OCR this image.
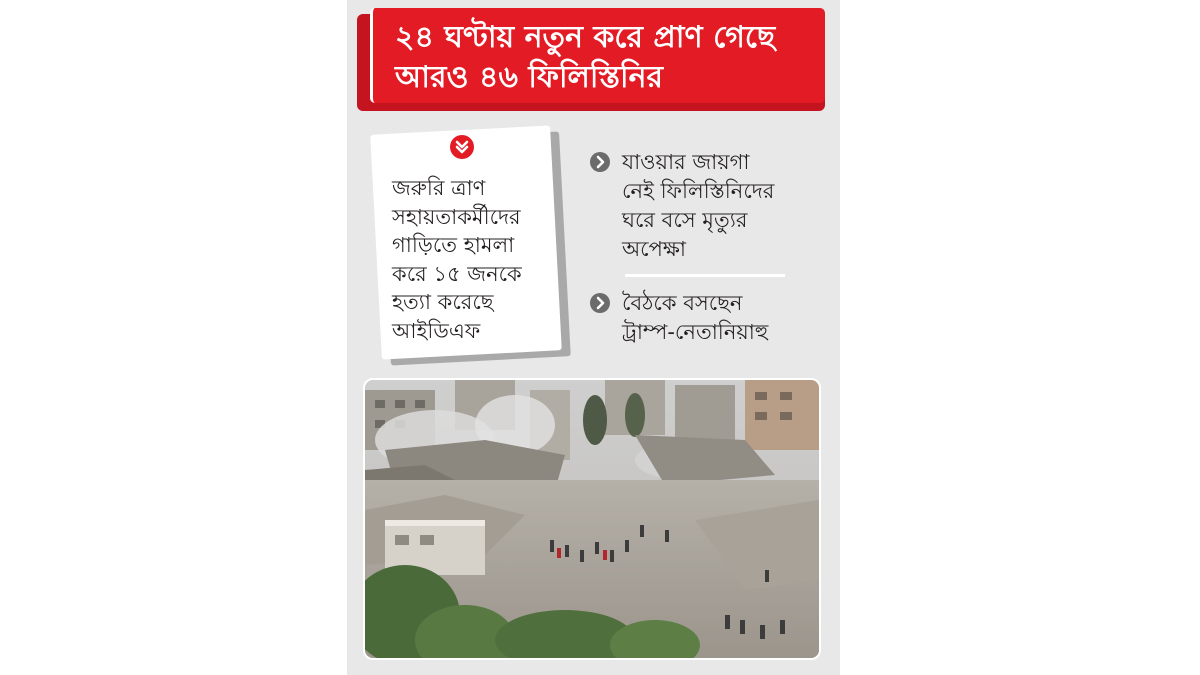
২৪ ঘণ্টায় নতুন করে প্রাণ গেছে
আরও ৪৬ ফিলিস্তিনির
জরুরি ত্রাণ
সহায়তাকর্মীদের
গাড়িতে হামলা
করে ১৫ জনকে
হত্যা করেছে
আইডিএফ
যাওয়ার জায়গা
নেই ফিলিস্তিনিদের
ঘরে বসে মৃত্যুর
অপেক্ষা
বৈঠকে বসছেন
ট্রাম্প-নেতানিয়াহু
